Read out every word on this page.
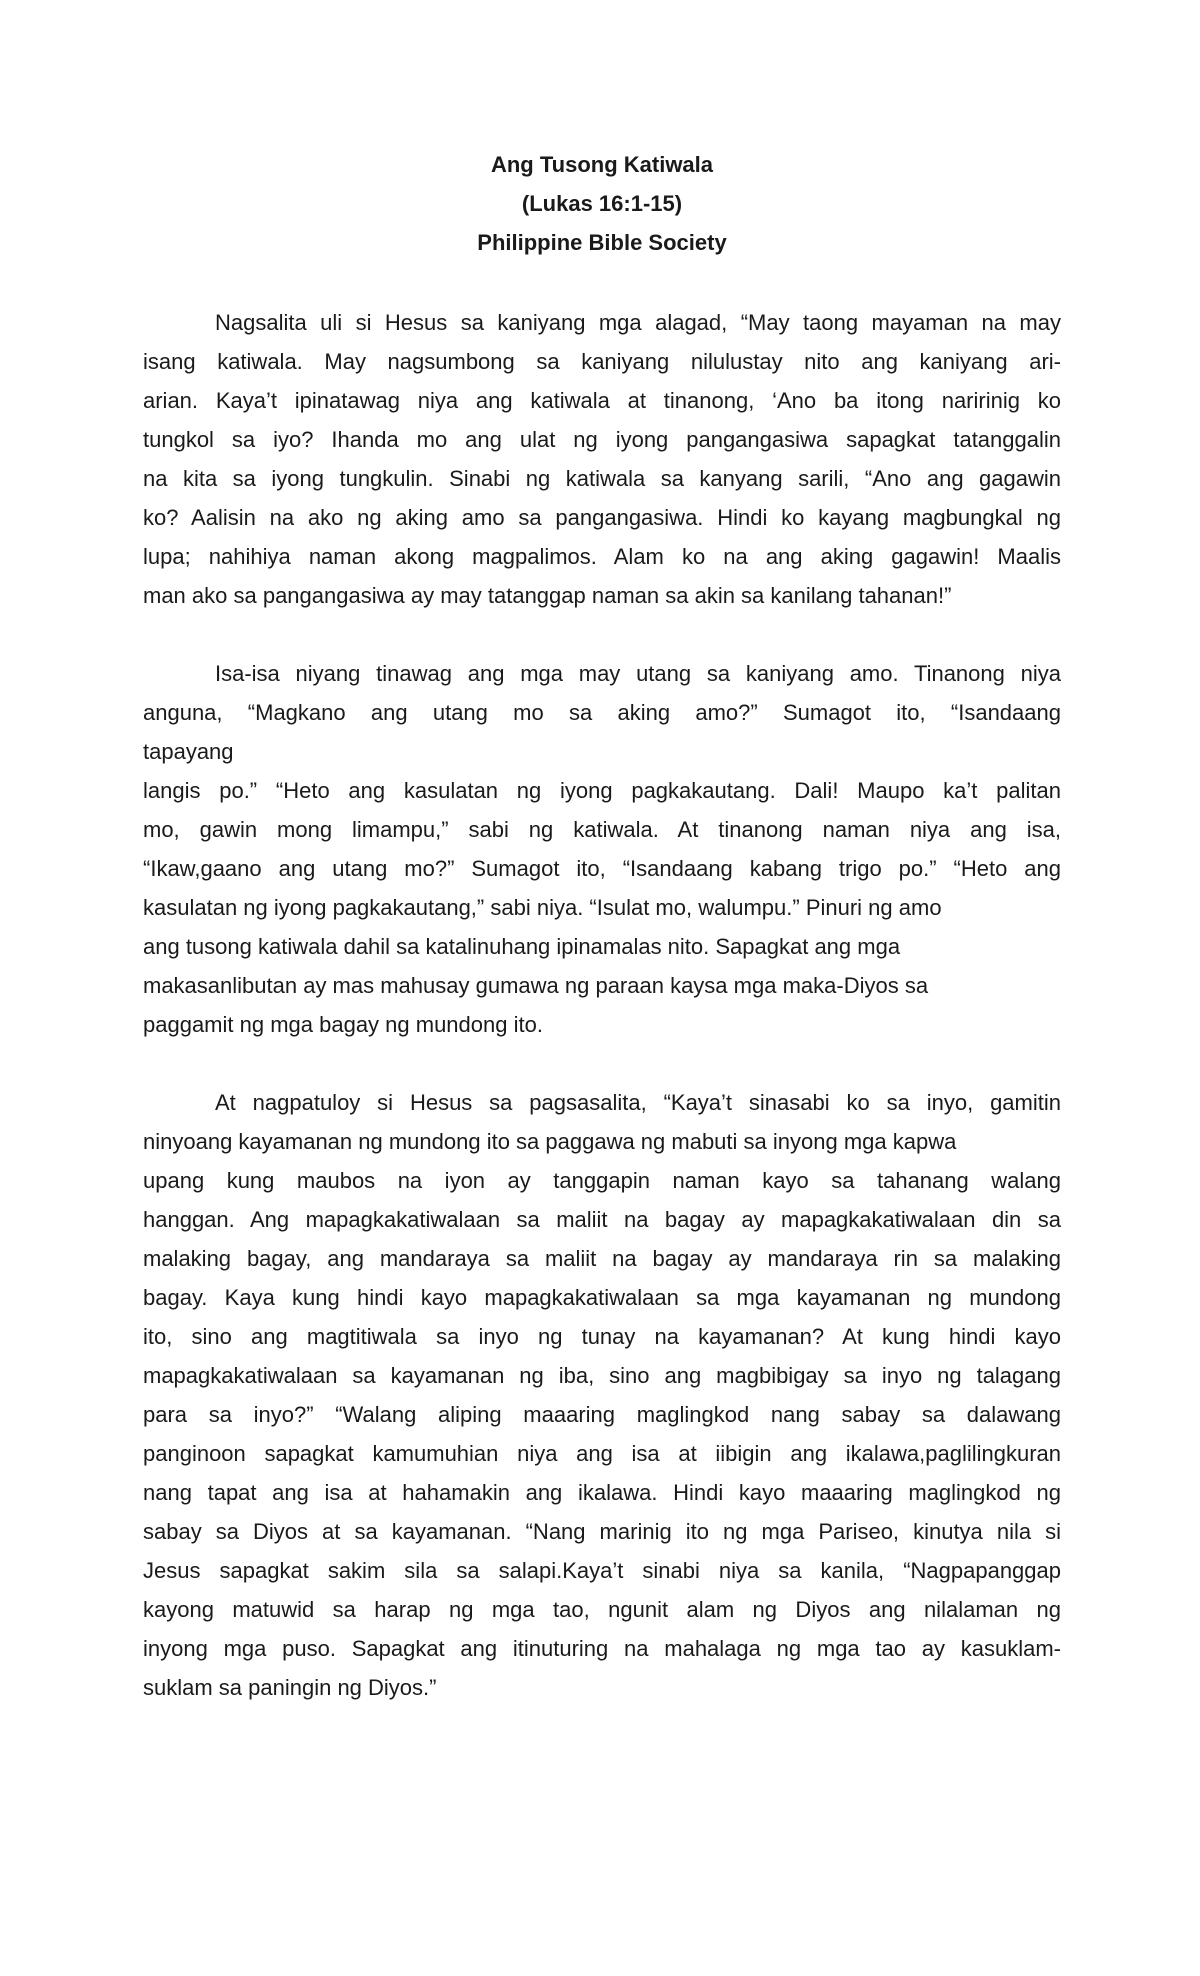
Ang Tusong Katiwala
(Lukas 16:1-15)
Philippine Bible Society
Nagsalita uli si Hesus sa kaniyang mga alagad, “May taong mayaman na may
isang katiwala. May nagsumbong sa kaniyang nilulustay nito ang kaniyang ari-
arian. Kaya’t ipinatawag niya ang katiwala at tinanong, ‘Ano ba itong naririnig ko
tungkol sa iyo? Ihanda mo ang ulat ng iyong pangangasiwa sapagkat tatanggalin
na kita sa iyong tungkulin. Sinabi ng katiwala sa kanyang sarili, “Ano ang gagawin
ko? Aalisin na ako ng aking amo sa pangangasiwa. Hindi ko kayang magbungkal ng
lupa; nahihiya naman akong magpalimos. Alam ko na ang aking gagawin! Maalis
man ako sa pangangasiwa ay may tatanggap naman sa akin sa kanilang tahanan!”
Isa-isa niyang tinawag ang mga may utang sa kaniyang amo. Tinanong niya
anguna, “Magkano ang utang mo sa aking amo?” Sumagot ito, “Isandaang
tapayang
langis po.” “Heto ang kasulatan ng iyong pagkakautang. Dali! Maupo ka’t palitan
mo, gawin mong limampu,” sabi ng katiwala. At tinanong naman niya ang isa,
“Ikaw,gaano ang utang mo?” Sumagot ito, “Isandaang kabang trigo po.” “Heto ang
kasulatan ng iyong pagkakautang,” sabi niya. “Isulat mo, walumpu.” Pinuri ng amo
ang tusong katiwala dahil sa katalinuhang ipinamalas nito. Sapagkat ang mga
makasanlibutan ay mas mahusay gumawa ng paraan kaysa mga maka-Diyos sa
paggamit ng mga bagay ng mundong ito.
At nagpatuloy si Hesus sa pagsasalita, “Kaya’t sinasabi ko sa inyo, gamitin
ninyoang kayamanan ng mundong ito sa paggawa ng mabuti sa inyong mga kapwa
upang kung maubos na iyon ay tanggapin naman kayo sa tahanang walang
hanggan. Ang mapagkakatiwalaan sa maliit na bagay ay mapagkakatiwalaan din sa
malaking bagay, ang mandaraya sa maliit na bagay ay mandaraya rin sa malaking
bagay. Kaya kung hindi kayo mapagkakatiwalaan sa mga kayamanan ng mundong
ito, sino ang magtitiwala sa inyo ng tunay na kayamanan? At kung hindi kayo
mapagkakatiwalaan sa kayamanan ng iba, sino ang magbibigay sa inyo ng talagang
para sa inyo?” “Walang aliping maaaring maglingkod nang sabay sa dalawang
panginoon sapagkat kamumuhian niya ang isa at iibigin ang ikalawa,paglilingkuran
nang tapat ang isa at hahamakin ang ikalawa. Hindi kayo maaaring maglingkod ng
sabay sa Diyos at sa kayamanan. “Nang marinig ito ng mga Pariseo, kinutya nila si
Jesus sapagkat sakim sila sa salapi.Kaya’t sinabi niya sa kanila, “Nagpapanggap
kayong matuwid sa harap ng mga tao, ngunit alam ng Diyos ang nilalaman ng
inyong mga puso. Sapagkat ang itinuturing na mahalaga ng mga tao ay kasuklam-
suklam sa paningin ng Diyos.”
